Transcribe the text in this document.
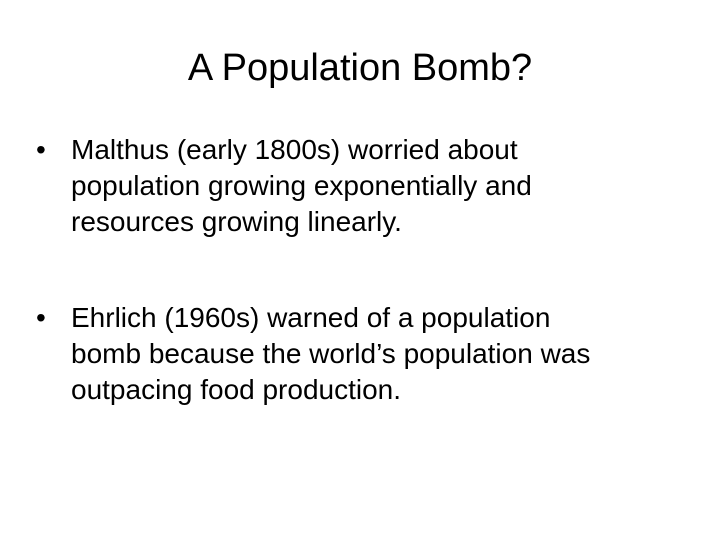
A Population Bomb?
• Malthus (early 1800s) worried about
population growing exponentially and
resources growing linearly.
• Ehrlich (1960s) warned of a population
bomb because the world’s population was
outpacing food production.
